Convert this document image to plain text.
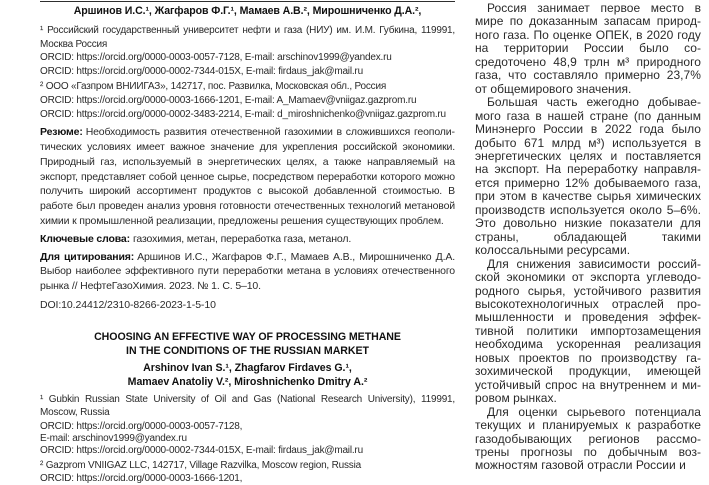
Аршинов И.С.¹, Жагфаров Ф.Г.¹, Мамаев А.В.², Мирошниченко Д.А.²,

¹ Российский государственный университет нефти и газа (НИУ) им. И.М. Губкина, 119991, Москва Россия

ORCID: https://orcid.org/0000-0003-0057-7128, E-mail: arschinov1999@yandex.ru
ORCID: https://orcid.org/0000-0002-7344-015X, E-mail: firdaus_jak@mail.ru
² ООО «Газпром ВНИИГАЗ», 142717, пос. Развилка, Московская обл., Россия
ORCID: https://orcid.org/0000-0003-1666-1201, E-mail: A_Mamaev@vniigaz.gazprom.ru
ORCID: https://orcid.org/0000-0002-3483-2214, E-mail: d_miroshnichenko@vniigaz.gazprom.ru

Резюме: Необходимость развития отечественной газохимии в сложившихся геополитических условиях имеет важное значение для укрепления российской экономики. Природный газ, используемый в энергетических целях, а также направляемый на экспорт, представляет собой ценное сырье, посредством переработки которого можно получить широкий ассортимент продуктов с высокой добавленной стоимостью. В работе был проведен анализ уровня готовности отечественных технологий метановой химии к промышленной реализации, предложены решения существующих проблем.

Ключевые слова: газохимия, метан, переработка газа, метанол.

Для цитирования: Аршинов И.С., Жагфаров Ф.Г., Мамаев А.В., Мирошниченко Д.А. Выбор наиболее эффективного пути переработки метана в условиях отечественного рынка // НефтеГазоХимия. 2023. № 1. С. 5–10.

DOI:10.24412/2310-8266-2023-1-5-10
CHOOSING AN EFFECTIVE WAY OF PROCESSING METHANE
IN THE CONDITIONS OF THE RUSSIAN MARKET
Arshinov Ivan S.¹, Zhagfarov Firdaves G.¹,
Mamaev Anatoliy V.², Miroshnichenko Dmitry A.²

¹ Gubkin Russian State University of Oil and Gas (National Research University), 119991, Moscow, Russia

ORCID: https://orcid.org/0000-0003-0057-7128,
E-mail: arschinov1999@yandex.ru
ORCID: https://orcid.org/0000-0002-7344-015X, E-mail: firdaus_jak@mail.ru
² Gazprom VNIIGAZ LLC, 142717, Village Razvilka, Moscow region, Russia
ORCID: https://orcid.org/0000-0003-1666-1201,

Россия занимает первое место в мире по доказанным запасам природного газа. По оценке ОПЕК, в 2020 году на территории России было сосредоточено 48,9 трлн м³ природного газа, что составляло примерно 23,7% от общемирового значения.

Большая часть ежегодно добываемого газа в нашей стране (по данным Минэнерго России в 2022 года было добыто 671 млрд м³) используется в энергетических целях и поставляется на экспорт. На переработку направляется примерно 12% добываемого газа, при этом в качестве сырья химических производств используется около 5–6%. Это довольно низкие показатели для страны, обладающей такими колоссальными ресурсами.

Для снижения зависимости российской экономики от экспорта углеводородного сырья, устойчивого развития высокотехнологичных отраслей промышленности и проведения эффективной политики импортозамещения необходима ускоренная реализация новых проектов по производству газохимической продукции, имеющей устойчивый спрос на внутреннем и мировом рынках.

Для оценки сырьевого потенциала текущих и планируемых к разработке газодобывающих регионов рассмотрены прогнозы по добычным возможностям газовой отрасли России и
